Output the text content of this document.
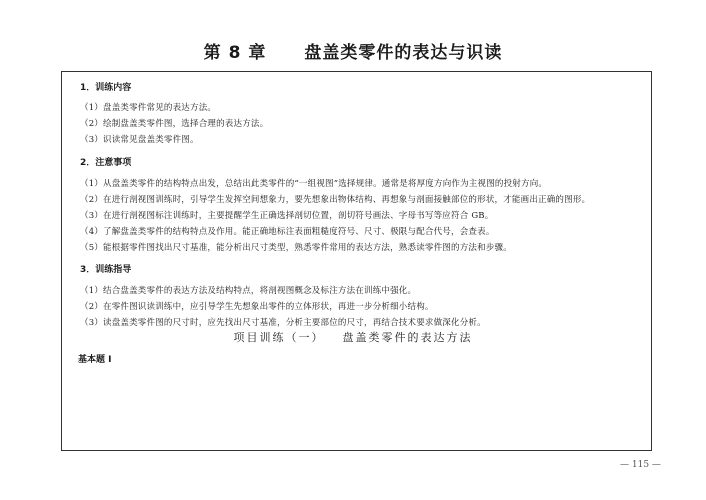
第 8 章 盘盖类零件的表达与识读
1．训练内容
（1）盘盖类零件常见的表达方法。
（2）绘制盘盖类零件图，选择合理的表达方法。
（3）识读常见盘盖类零件图。
2．注意事项
（1）从盘盖类零件的结构特点出发，总结出此类零件的“一组视图”选择规律。通常是将厚度方向作为主视图的投射方向。
（2）在进行剖视图训练时，引导学生发挥空间想象力，要先想象出物体结构、再想象与剖面接触部位的形状，才能画出正确的图形。
（3）在进行剖视图标注训练时，主要提醒学生正确选择剖切位置，剖切符号画法、字母书写等应符合 GB。
（4）了解盘盖类零件的结构特点及作用。能正确地标注表面粗糙度符号、尺寸、极限与配合代号，会查表。
（5）能根据零件图找出尺寸基准，能分析出尺寸类型，熟悉零件常用的表达方法，熟悉读零件图的方法和步骤。
3．训练指导
（1）结合盘盖类零件的表达方法及结构特点，将剖视图概念及标注方法在训练中强化。
（2）在零件图识读训练中，应引导学生先想象出零件的立体形状，再进一步分析细小结构。
（3）读盘盖类零件图的尺寸时，应先找出尺寸基准，分析主要部位的尺寸，再结合技术要求做深化分析。
项目训练（一） 盘盖类零件的表达方法
基本题 Ⅰ
— 115 —
